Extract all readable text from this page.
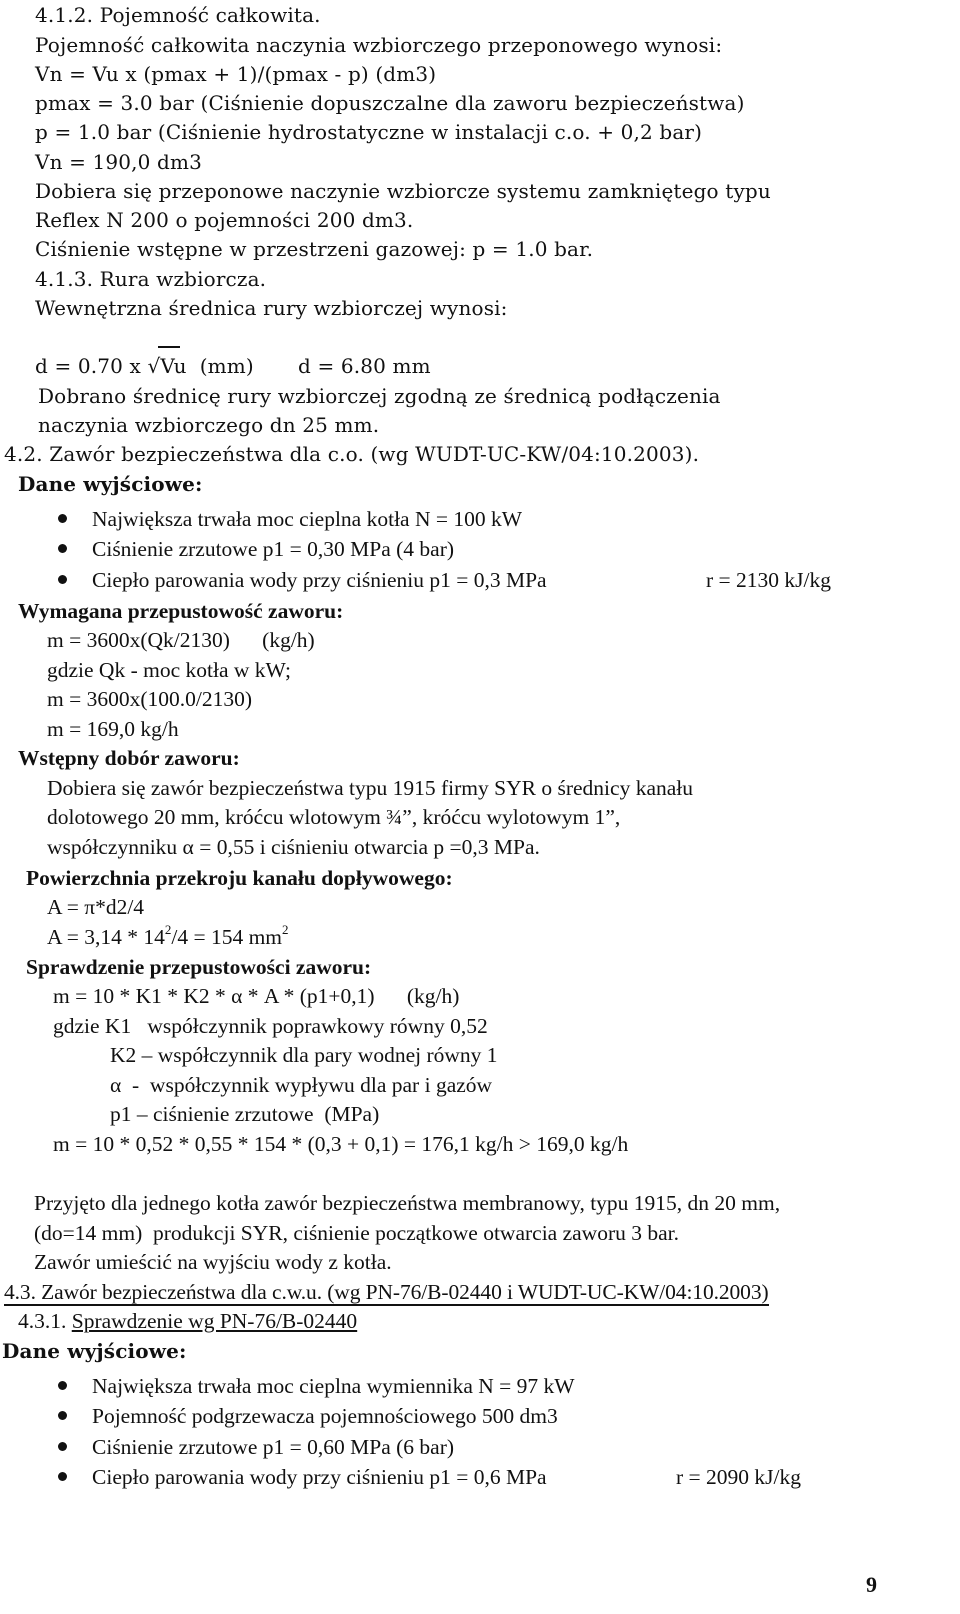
4.1.2. Pojemność całkowita.
Pojemność całkowita naczynia wzbiorczego przeponowego wynosi:
Vn = Vu x (pmax + 1)/(pmax - p) (dm3)
pmax = 3.0 bar (Ciśnienie dopuszczalne dla zaworu bezpieczeństwa)
p = 1.0 bar (Ciśnienie hydrostatyczne w instalacji c.o. + 0,2 bar)
Vn = 190,0 dm3
Dobiera się przeponowe naczynie wzbiorcze systemu zamkniętego typu
Reflex N 200 o pojemności 200 dm3.
Ciśnienie wstępne w przestrzeni gazowej: p = 1.0 bar.
4.1.3. Rura wzbiorcza.
Wewnętrzna średnica rury wzbiorczej wynosi:
d = 0.70 x √Vu  (mm) d = 6.80 mm
Dobrano średnicę rury wzbiorczej zgodną ze średnicą podłączenia
naczynia wzbiorczego dn 25 mm.
4.2. Zawór bezpieczeństwa dla c.o. (wg WUDT-UC-KW/04:10.2003).
Dane wyjściowe:
Największa trwała moc cieplna kotła N = 100 kW
Ciśnienie zrzutowe p1 = 0,30 MPa (4 bar)
Ciepło parowania wody przy ciśnieniu p1 = 0,3 MPa	r = 2130 kJ/kg
Wymagana przepustowość zaworu:
m = 3600x(Qk/2130)      (kg/h)
gdzie Qk - moc kotła w kW;
m = 3600x(100.0/2130)
m = 169,0 kg/h
Wstępny dobór zaworu:
Dobiera się zawór bezpieczeństwa typu 1915 firmy SYR o średnicy kanału
dolotowego 20 mm, króćcu wlotowym ¾”, króćcu wylotowym 1”,
współczynniku α = 0,55 i ciśnieniu otwarcia p =0,3 MPa.
Powierzchnia przekroju kanału dopływowego:
A = π*d2/4
$A = 3,14 * 14^2/4 = 154$ $mm^2$
Sprawdzenie przepustowości zaworu:
m = 10 * K1 * K2 * α * A * (p1+0,1)      (kg/h)
gdzie K1   współczynnik poprawkowy równy 0,52
K2 – współczynnik dla pary wodnej równy 1
α  -  współczynnik wypływu dla par i gazów
p1 – ciśnienie zrzutowe  (MPa)
m = 10 * 0,52 * 0,55 * 154 * (0,3 + 0,1) = 176,1 kg/h > 169,0 kg/h
Przyjęto dla jednego kotła zawór bezpieczeństwa membranowy, typu 1915, dn 20 mm,
(do=14 mm)  produkcji SYR, ciśnienie początkowe otwarcia zaworu 3 bar.
Zawór umieścić na wyjściu wody z kotła.
4.3. Zawór bezpieczeństwa dla c.w.u. (wg PN-76/B-02440 i WUDT-UC-KW/04:10.2003)
4.3.1. Sprawdzenie wg PN-76/B-02440
Dane wyjściowe:
Największa trwała moc cieplna wymiennika N = 97 kW
Pojemność podgrzewacza pojemnościowego 500 dm3
Ciśnienie zrzutowe p1 = 0,60 MPa (6 bar)
Ciepło parowania wody przy ciśnieniu p1 = 0,6 MPa	r = 2090 kJ/kg
9
